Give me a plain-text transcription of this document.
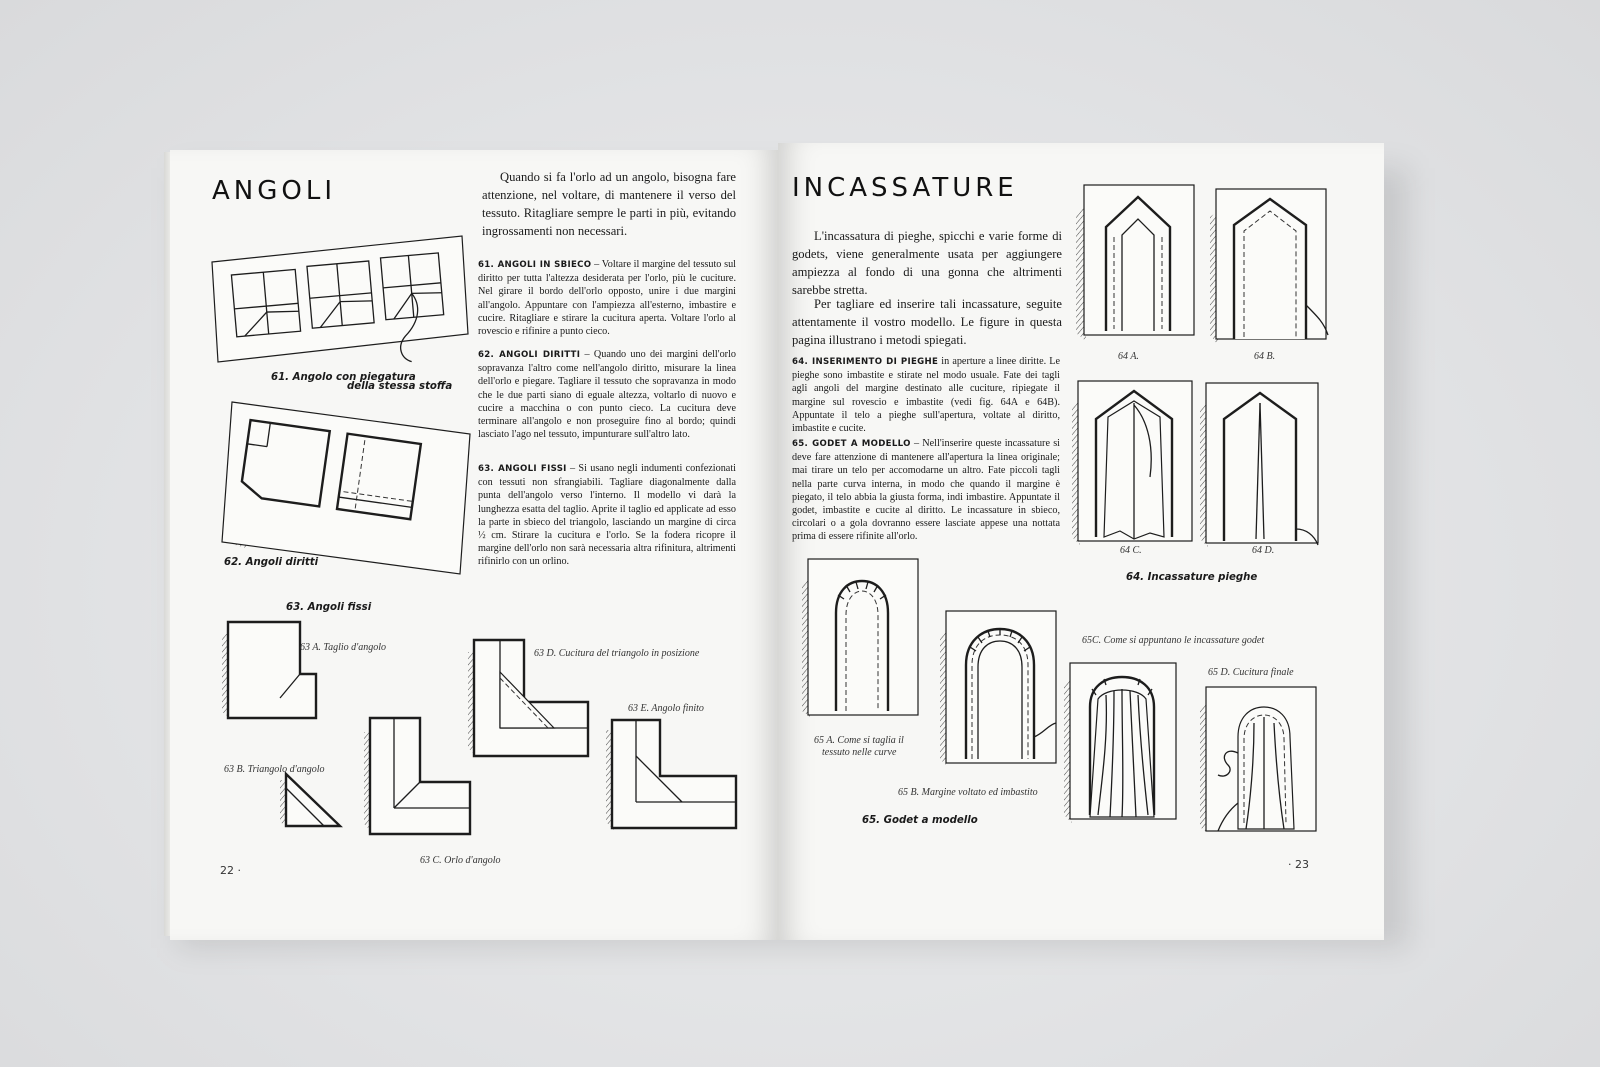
ANGOLI	Quando si fa l'orlo ad un angolo, bisogna fare attenzione, nel voltare, di mantenere il verso del tessuto. Ritagliare sempre le parti in più, evitando ingrossamenti non necessari.

61. ANGOLI IN SBIECO – Voltare il margine del tessuto sul diritto per tutta l'altezza desiderata per l'orlo, più le cuciture. Nel girare il bordo dell'orlo opposto, unire i due margini all'angolo. Appuntare con l'ampiezza all'esterno, imbastire e cucire. Ritagliare e stirare la cucitura aperta. Voltare l'orlo al rovescio e rifinire a punto cieco.

62. ANGOLI DIRITTI – Quando uno dei margini dell'orlo sopravanza l'altro come nell'angolo diritto, misurare la linea dell'orlo e piegare. Tagliare il tessuto che sopravanza in modo che le due parti siano di eguale altezza, voltarlo di nuovo e cucire a macchina o con punto cieco. La cucitura deve terminare all'angolo e non proseguire fino al bordo; quindi lasciato l'ago nel tessuto, impunturare sull'altro lato.

63. ANGOLI FISSI – Si usano negli indumenti confezionati con tessuti non sfrangiabili. Tagliare diagonalmente dalla punta dell'angolo verso l'interno. Il modello vi darà la lunghezza esatta del taglio. Aprite il taglio ed applicate ad esso la parte in sbieco del triangolo, lasciando un margine di circa ½ cm. Stirare la cucitura e l'orlo. Se la fodera ricopre il margine dell'orlo non sarà necessaria altra rifinitura, altrimenti rifinirlo con un orlino.

61. Angolo con piegatura
della stessa stoffa
62. Angoli diritti
63. Angoli fissi
63 A. Taglio d'angolo
63 B. Triangolo d'angolo
63 C. Orlo d'angolo
63 D. Cucitura del triangolo in posizione
63 E. Angolo finito
22 ·
INCASSATURE

L'incassatura di pieghe, spicchi e varie forme di godets, viene generalmente usata per aggiungere ampiezza al fondo di una gonna che altrimenti sarebbe stretta.

Per tagliare ed inserire tali incassature, seguite attentamente il vostro modello. Le figure in questa pagina illustrano i metodi spiegati.

64. INSERIMENTO DI PIEGHE in aperture a linee diritte. Le pieghe sono imbastite e stirate nel modo usuale. Fate dei tagli agli angoli del margine destinato alle cuciture, ripiegate il margine sul rovescio e imbastite (vedi fig. 64A e 64B). Appuntate il telo a pieghe sull'apertura, voltate al diritto, imbastite e cucite.

65. GODET A MODELLO – Nell'inserire queste incassature si deve fare attenzione di mantenere all'apertura la linea originale; mai tirare un telo per accomodarne un altro. Fate piccoli tagli nella parte curva interna, in modo che quando il margine è piegato, il telo abbia la giusta forma, indi imbastire. Appuntate il godet, imbastite e cucite al diritto. Le incassature in sbieco, circolari o a gola dovranno essere lasciate appese una nottata prima di essere rifinite all'orlo.

64 A.	64 B.
64 C.	64 D.
64. Incassature pieghe
65 A. Come si taglia il
tessuto nelle curve
65 B. Margine voltato ed imbastito
65. Godet a modello
65C. Come si appuntano le incassature godet
65 D. Cucitura finale
· 23
